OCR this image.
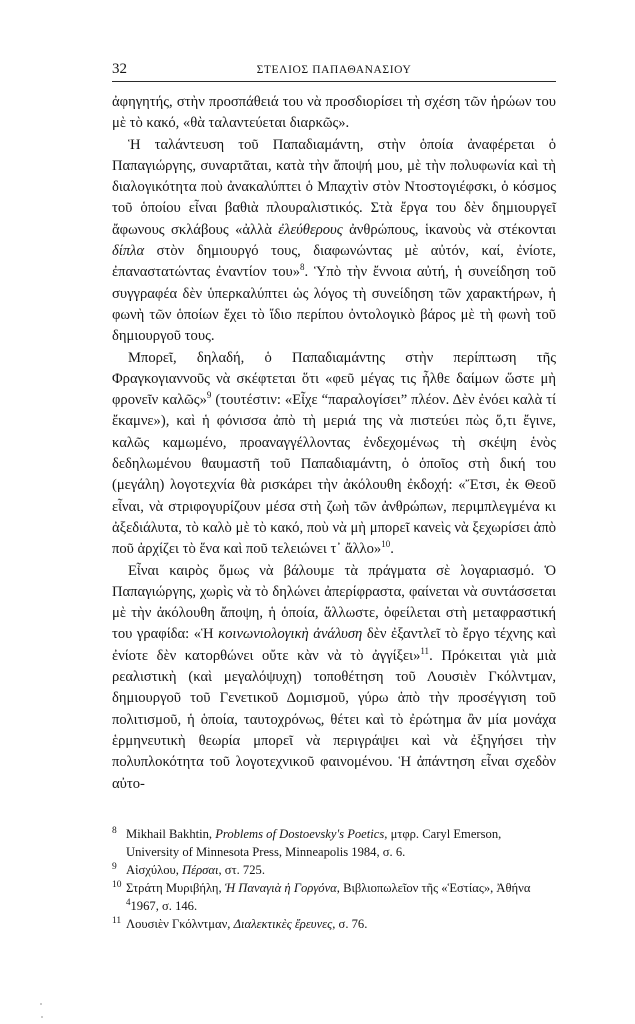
32	ΣΤΕΛΙΟΣ ΠΑΠΑΘΑΝΑΣΙΟΥ

ἀφηγητής, στὴν προσπάθειά του νὰ προσδιορίσει τὴ σχέση τῶν ἡρώων του μὲ τὸ κακό, «θὰ ταλαντεύεται διαρκῶς».

Ἡ ταλάντευση τοῦ Παπαδιαμάντη, στὴν ὁποία ἀναφέρεται ὁ Παπαγιώργης, συναρτᾶται, κατὰ τὴν ἄποψή μου, μὲ τὴν πολυφωνία καὶ τὴ διαλογικότητα ποὺ ἀνακαλύπτει ὁ Μπαχτὶν στὸν Ντοστογιέφσκι, ὁ κόσμος τοῦ ὁποίου εἶναι βαθιὰ πλουραλιστικός. Στὰ ἔργα του δὲν δημιουργεῖ ἄφωνους σκλάβους «ἀλλὰ ἐλεύθερους ἀνθρώπους, ἱκανοὺς νὰ στέκονται δίπλα στὸν δημιουργό τους, διαφωνώντας μὲ αὐτόν, καί, ἐνίοτε, ἐπαναστατώντας ἐναντίον του»$^8$. Ὑπὸ τὴν ἔννοια αὐτή, ἡ συνείδηση τοῦ συγγραφέα δὲν ὑπερκαλύπτει ὡς λόγος τὴ συνείδηση τῶν χαρακτήρων, ἡ φωνὴ τῶν ὁποίων ἔχει τὸ ἴδιο περίπου ὀντολογικὸ βάρος μὲ τὴ φωνὴ τοῦ δημιουργοῦ τους.

Μπορεῖ, δηλαδή, ὁ Παπαδιαμάντης στὴν περίπτωση τῆς Φραγκογιαννοῦς νὰ σκέφτεται ὅτι «φεῦ μέγας τις ἦλθε δαίμων ὥστε μὴ φρονεῖν καλῶς»$^9$ (τουτέστιν: «Εἶχε “παραλογίσει” πλέον. Δὲν ἐνόει καλὰ τί ἔκαμνε»), καὶ ἡ φόνισσα ἀπὸ τὴ μεριά της νὰ πιστεύει πὼς ὅ,τι ἔγινε, καλῶς καμωμένο, προαναγγέλλοντας ἐνδεχομένως τὴ σκέψη ἑνὸς δεδηλωμένου θαυμαστῆ τοῦ Παπαδιαμάντη, ὁ ὁποῖος στὴ δική του (μεγάλη) λογοτεχνία θὰ ρισκάρει τὴν ἀκόλουθη ἐκδοχή: «Ἔτσι, ἐκ Θεοῦ εἶναι, νὰ στριφογυρίζουν μέσα στὴ ζωὴ τῶν ἀνθρώπων, περιμπλεγμένα κι ἀξεδιάλυτα, τὸ καλὸ μὲ τὸ κακό, ποὺ νὰ μὴ μπορεῖ κανεὶς νὰ ξεχωρίσει ἀπὸ ποῦ ἀρχίζει τὸ ἕνα καὶ ποῦ τελειώνει τ᾽ ἄλλο»$^{10}$.

Εἶναι καιρὸς ὅμως νὰ βάλουμε τὰ πράγματα σὲ λογαριασμό. Ὁ Παπαγιώργης, χωρὶς νὰ τὸ δηλώνει ἀπερίφραστα, φαίνεται νὰ συντάσσεται μὲ τὴν ἀκόλουθη ἄποψη, ἡ ὁποία, ἄλλωστε, ὀφείλεται στὴ μεταφραστική του γραφίδα: «Ἡ κοινωνιολογικὴ ἀνάλυση δὲν ἐξαντλεῖ τὸ ἔργο τέχνης καὶ ἐνίοτε δὲν κατορθώνει οὔτε κὰν νὰ τὸ ἀγγίξει»$^{11}$. Πρόκειται γιὰ μιὰ ρεαλιστικὴ (καὶ μεγαλόψυχη) τοποθέτηση τοῦ Λουσιὲν Γκόλντμαν, δημιουργοῦ τοῦ Γενετικοῦ Δομισμοῦ, γύρω ἀπὸ τὴν προσέγγιση τοῦ πολιτισμοῦ, ἡ ὁποία, ταυτοχρόνως, θέτει καὶ τὸ ἐρώτημα ἂν μία μονάχα ἑρμηνευτικὴ θεωρία μπορεῖ νὰ περιγράψει καὶ νὰ ἐξηγήσει τὴν πολυπλοκότητα τοῦ λογοτεχνικοῦ φαινομένου. Ἡ ἀπάντηση εἶναι σχεδὸν αὐτο-

8 Mikhail Bakhtin, Problems of Dostoevsky's Poetics, μτφρ. Caryl Emerson, University of Minnesota Press, Minneapolis 1984, σ. 6.
9 Αἰσχύλου, Πέρσαι, στ. 725.
10 Στράτη Μυριβήλη, Ἡ Παναγιὰ ἡ Γοργόνα, Βιβλιοπωλεῖον τῆς «Ἑστίας», Ἀθήνα $^4$1967, σ. 146.
11 Λουσιὲν Γκόλντμαν, Διαλεκτικὲς ἔρευνες, σ. 76.
